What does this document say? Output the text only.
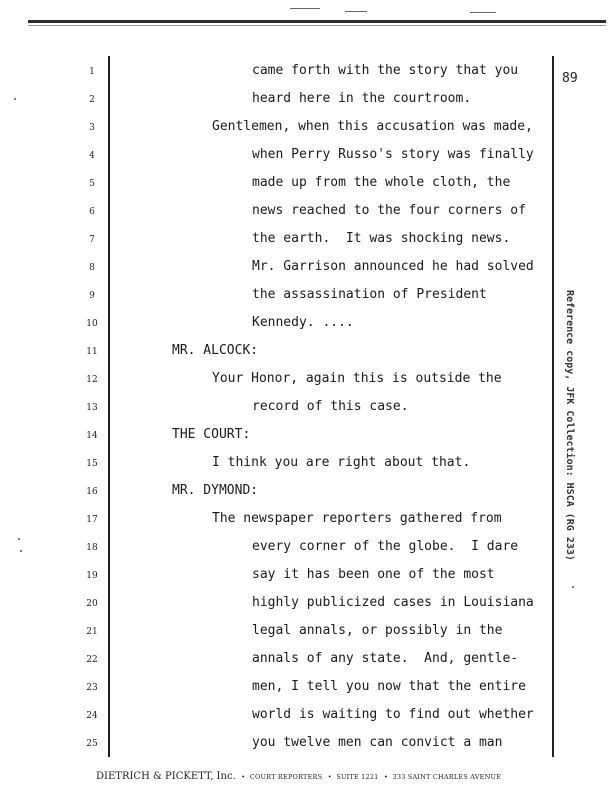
89
1	came forth with the story that you
2	heard here in the courtroom.
3	Gentlemen, when this accusation was made,
4	when Perry Russo's story was finally
5	made up from the whole cloth, the
6	news reached to the four corners of
7	the earth.  It was shocking news.
8	Mr. Garrison announced he had solved
9	the assassination of President
10	Kennedy. ....
11	MR. ALCOCK:
12	Your Honor, again this is outside the
13	record of this case.
14	THE COURT:
15	I think you are right about that.
16	MR. DYMOND:
17	The newspaper reporters gathered from
18	every corner of the globe.  I dare
19	say it has been one of the most
20	highly publicized cases in Louisiana
21	legal annals, or possibly in the
22	annals of any state.  And, gentle-
23	men, I tell you now that the entire
24	world is waiting to find out whether
25	you twelve men can convict a man
Reference copy, JFK Collection: HSCA (RG 233)
DIETRICH & PICKETT, Inc.  •  COURT REPORTERS  •  SUITE 1221  •  333 SAINT CHARLES AVENUE
